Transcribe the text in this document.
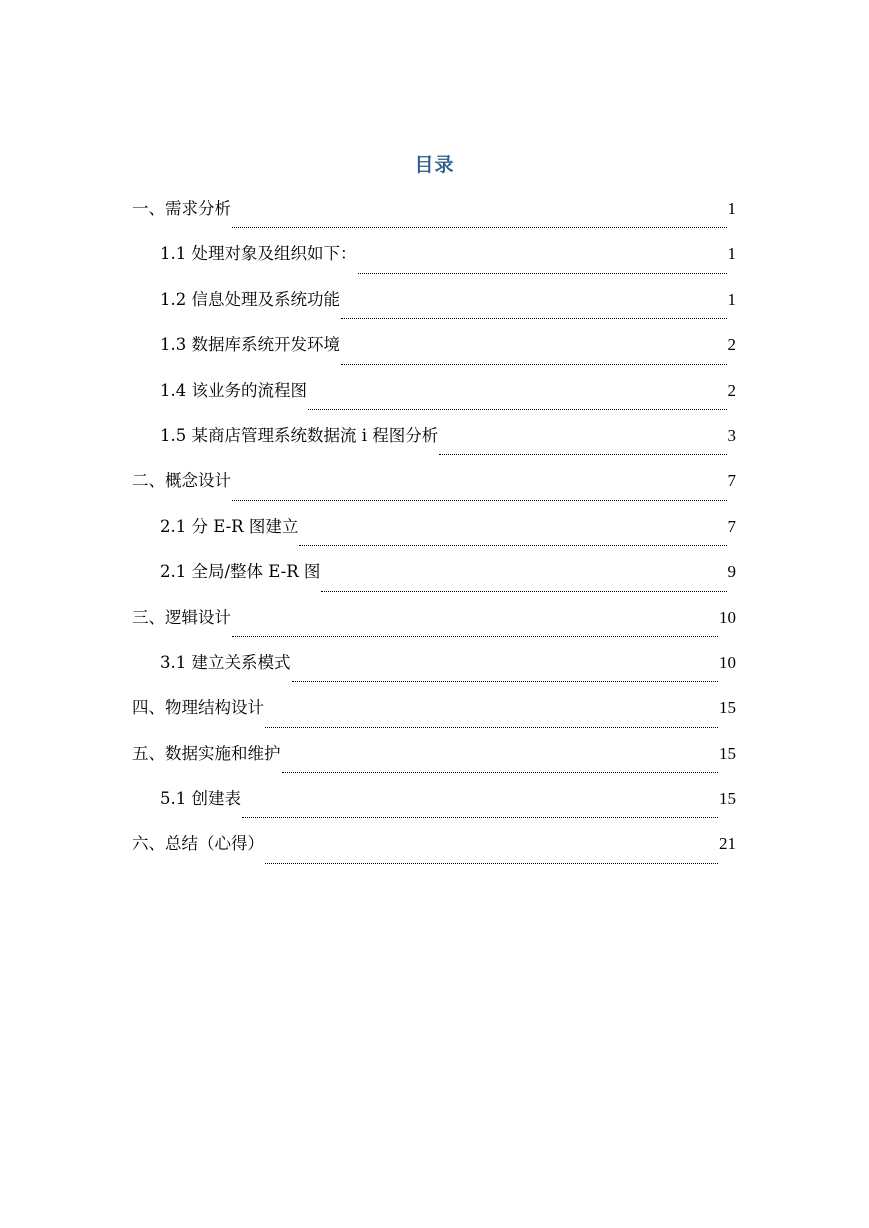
目录
一、需求分析	1
1.1 处理对象及组织如下：	1
1.2 信息处理及系统功能	1
1.3 数据库系统开发环境	2
1.4 该业务的流程图	2
1.5 某商店管理系统数据流 i 程图分析	3
二、概念设计	7
2.1 分 E-R 图建立	7
2.1 全局/整体 E-R 图	9
三、逻辑设计	10
3.1 建立关系模式	10
四、物理结构设计	15
五、数据实施和维护	15
5.1 创建表	15
六、总结（心得）	21
